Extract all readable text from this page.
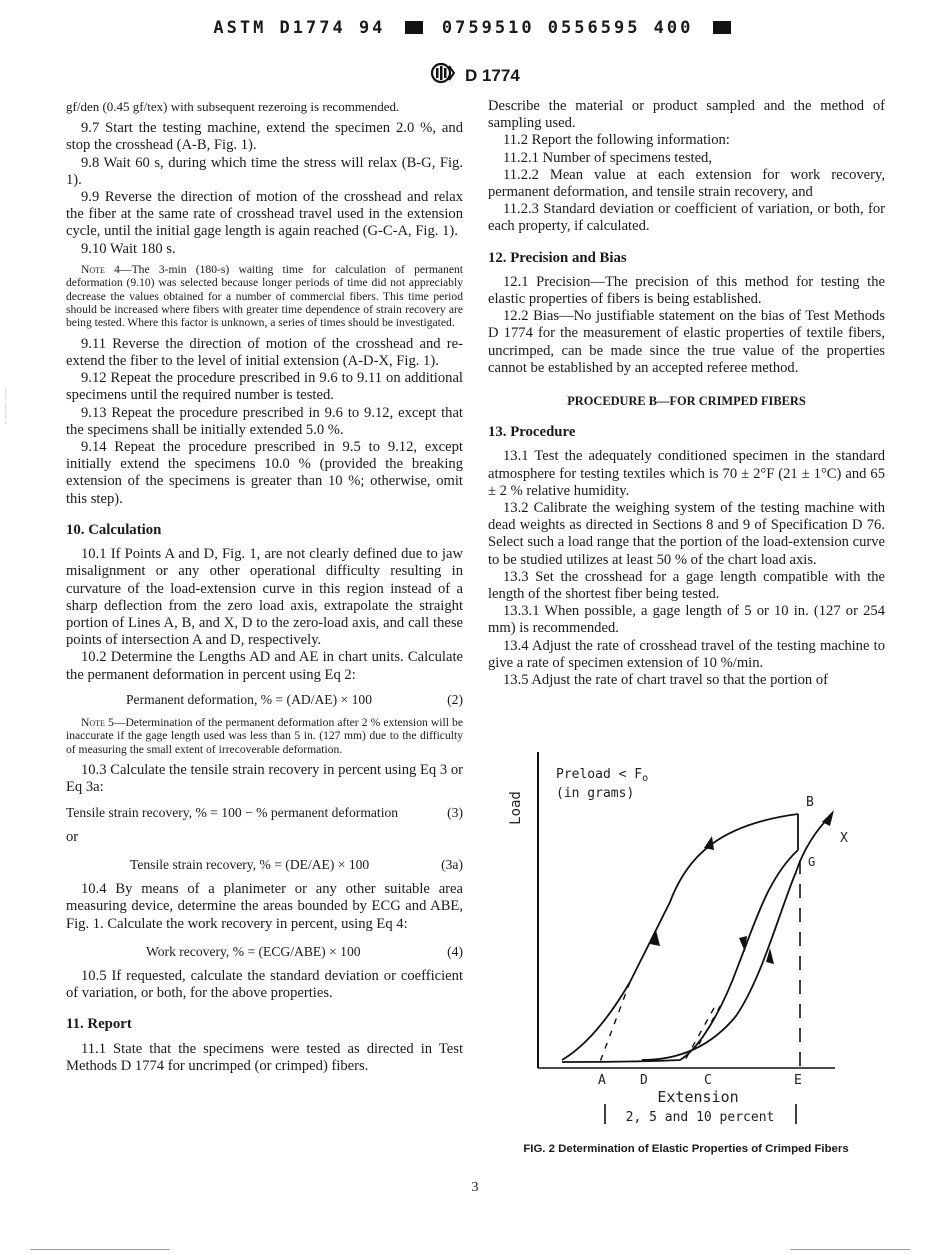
ASTM D1774 94	0759510 0556595 400
D 1774
|
¦
|
¦

gf/den (0.45 gf/tex) with subsequent rezeroing is recommended.

9.7 Start the testing machine, extend the specimen 2.0 %, and stop the crosshead (A-B, Fig. 1).

9.8 Wait 60 s, during which time the stress will relax (B-G, Fig. 1).

9.9 Reverse the direction of motion of the crosshead and relax the fiber at the same rate of crosshead travel used in the extension cycle, until the initial gage length is again reached (G-C-A, Fig. 1).

9.10 Wait 180 s.

Note 4—The 3-min (180-s) waiting time for calculation of permanent deformation (9.10) was selected because longer periods of time did not appreciably decrease the values obtained for a number of commercial fibers. This time period should be increased where fibers with greater time dependence of strain recovery are being tested. Where this factor is unknown, a series of times should be investigated.

9.11 Reverse the direction of motion of the crosshead and re-extend the fiber to the level of initial extension (A-D-X, Fig. 1).

9.12 Repeat the procedure prescribed in 9.6 to 9.11 on additional specimens until the required number is tested.

9.13 Repeat the procedure prescribed in 9.6 to 9.12, except that the specimens shall be initially extended 5.0 %.

9.14 Repeat the procedure prescribed in 9.5 to 9.12, except initially extend the specimens 10.0 % (provided the breaking extension of the specimens is greater than 10 %; otherwise, omit this step).

10. Calculation

10.1 If Points A and D, Fig. 1, are not clearly defined due to jaw misalignment or any other operational difficulty resulting in curvature of the load-extension curve in this region instead of a sharp deflection from the zero load axis, extrapolate the straight portion of Lines A, B, and X, D to the zero-load axis, and call these points of intersection A and D, respectively.

10.2 Determine the Lengths AD and AE in chart units. Calculate the permanent deformation in percent using Eq 2:

Permanent deformation, % = (AD/AE) × 100	(2)

Note 5—Determination of the permanent deformation after 2 % extension will be inaccurate if the gage length used was less than 5 in. (127 mm) due to the difficulty of measuring the small extent of irrecoverable deformation.

10.3 Calculate the tensile strain recovery in percent using Eq 3 or Eq 3a:

Tensile strain recovery, % = 100 − % permanent deformation	(3)

or

Tensile strain recovery, % = (DE/AE) × 100	(3a)

10.4 By means of a planimeter or any other suitable area measuring device, determine the areas bounded by ECG and ABE, Fig. 1. Calculate the work recovery in percent, using Eq 4:

Work recovery, % = (ECG/ABE) × 100	(4)

10.5 If requested, calculate the standard deviation or coefficient of variation, or both, for the above properties.

11. Report

11.1 State that the specimens were tested as directed in Test Methods D 1774 for uncrimped (or crimped) fibers.

Describe the material or product sampled and the method of sampling used.

11.2 Report the following information:

11.2.1 Number of specimens tested,

11.2.2 Mean value at each extension for work recovery, permanent deformation, and tensile strain recovery, and

11.2.3 Standard deviation or coefficient of variation, or both, for each property, if calculated.

12. Precision and Bias

12.1 Precision—The precision of this method for testing the elastic properties of fibers is being established.

12.2 Bias—No justifiable statement on the bias of Test Methods D 1774 for the measurement of elastic properties of textile fibers, uncrimped, can be made since the true value of the properties cannot be established by an accepted referee method.

PROCEDURE B—FOR CRIMPED FIBERS

13. Procedure

13.1 Test the adequately conditioned specimen in the standard atmosphere for testing textiles which is 70 ± 2°F (21 ± 1°C) and 65 ± 2 % relative humidity.

13.2 Calibrate the weighing system of the testing machine with dead weights as directed in Sections 8 and 9 of Specification D 76. Select such a load range that the portion of the load-extension curve to be studied utilizes at least 50 % of the chart load axis.

13.3 Set the crosshead for a gage length compatible with the length of the shortest fiber being tested.

13.3.1 When possible, a gage length of 5 or 10 in. (127 or 254 mm) is recommended.

13.4 Adjust the rate of crosshead travel of the testing machine to give a rate of specimen extension of 10 %/min.

13.5 Adjust the rate of chart travel so that the portion of

Load
Preload < $F_o$
(in grams)
A	D	C	E
B
X
G
Extension
2, 5 and 10 percent
FIG. 2 Determination of Elastic Properties of Crimped Fibers
3
